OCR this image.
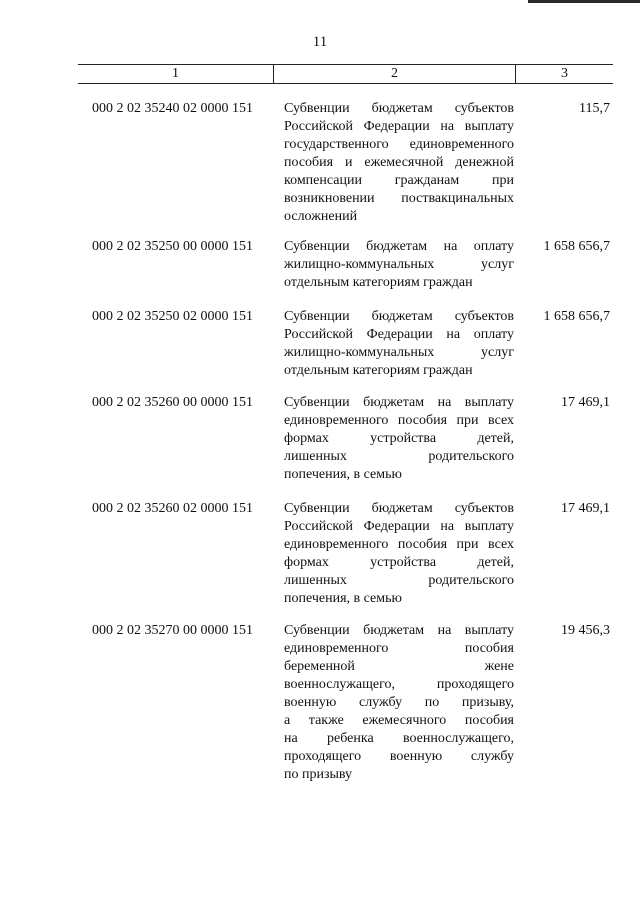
11
1	2	3
000 2 02 35240 02 0000 151 Субвенции бюджетам субъектов
Российской Федерации на выплату
государственного единовременного
пособия и ежемесячной денежной
компенсации гражданам при
возникновении поствакцинальных
осложнений
115,7
000 2 02 35250 00 0000 151 Субвенции бюджетам на оплату
жилищно-коммунальных услуг
отдельным категориям граждан
1 658 656,7
000 2 02 35250 02 0000 151 Субвенции бюджетам субъектов
Российской Федерации на оплату
жилищно-коммунальных услуг
отдельным категориям граждан
1 658 656,7
000 2 02 35260 00 0000 151 Субвенции бюджетам на выплату
единовременного пособия при всех
формах устройства детей,
лишенных родительского
попечения, в семью
17 469,1
000 2 02 35260 02 0000 151 Субвенции бюджетам субъектов
Российской Федерации на выплату
единовременного пособия при всех
формах устройства детей,
лишенных родительского
попечения, в семью
17 469,1
000 2 02 35270 00 0000 151 Субвенции бюджетам на выплату
единовременного пособия
беременной жене
военнослужащего, проходящего
военную службу по призыву,
а также ежемесячного пособия
на ребенка военнослужащего,
проходящего военную службу
по призыву
19 456,3
